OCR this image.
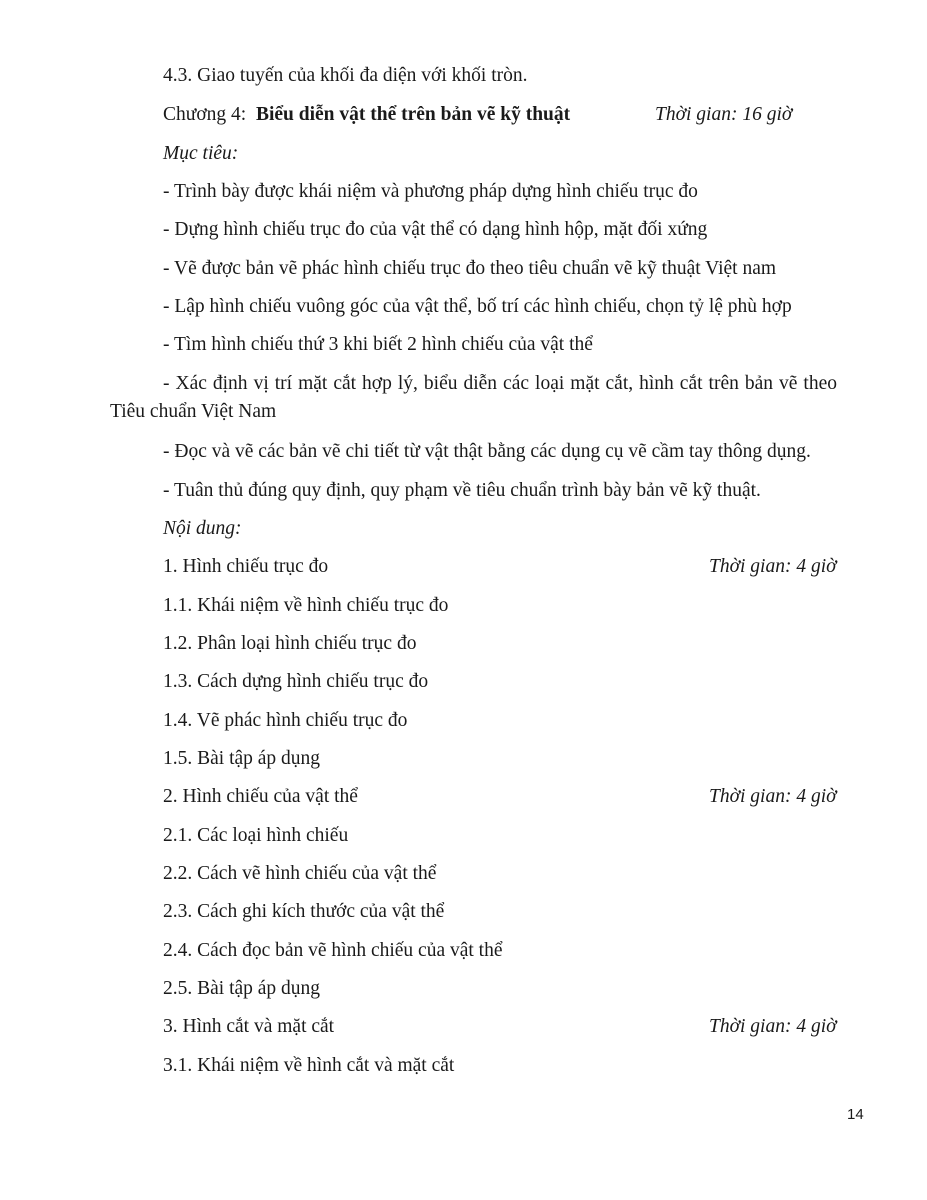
4.3. Giao tuyến của khối đa diện với khối tròn.
Chương 4: Biểu diễn vật thể trên bản vẽ kỹ thuật	Thời gian: 16 giờ
Mục tiêu:
- Trình bày được khái niệm và phương pháp dựng hình chiếu trục đo
- Dựng hình chiếu trục đo của vật thể có dạng hình hộp, mặt đối xứng
- Vẽ được bản vẽ phác hình chiếu trục đo theo tiêu chuẩn vẽ kỹ thuật Việt nam
- Lập hình chiếu vuông góc của vật thể, bố trí các hình chiếu, chọn tỷ lệ phù hợp
- Tìm hình chiếu thứ 3 khi biết 2 hình chiếu của vật thể
- Xác định vị trí mặt cắt hợp lý, biểu diễn các loại mặt cắt, hình cắt trên bản vẽ theo
Tiêu chuẩn Việt Nam
- Đọc và vẽ các bản vẽ chi tiết từ vật thật bằng các dụng cụ vẽ cầm tay thông dụng.
- Tuân thủ đúng quy định, quy phạm về tiêu chuẩn trình bày bản vẽ kỹ thuật.
Nội dung:
1. Hình chiếu trục đo	Thời gian: 4 giờ
1.1. Khái niệm về hình chiếu trục đo
1.2. Phân loại hình chiếu trục đo
1.3. Cách dựng hình chiếu trục đo
1.4. Vẽ phác hình chiếu trục đo
1.5. Bài tập áp dụng
2. Hình chiếu của vật thể	Thời gian: 4 giờ
2.1. Các loại hình chiếu
2.2. Cách vẽ hình chiếu của vật thể
2.3. Cách ghi kích thước của vật thể
2.4. Cách đọc bản vẽ hình chiếu của vật thể
2.5. Bài tập áp dụng
3. Hình cắt và mặt cắt	Thời gian: 4 giờ
3.1. Khái niệm về hình cắt và mặt cắt
14
